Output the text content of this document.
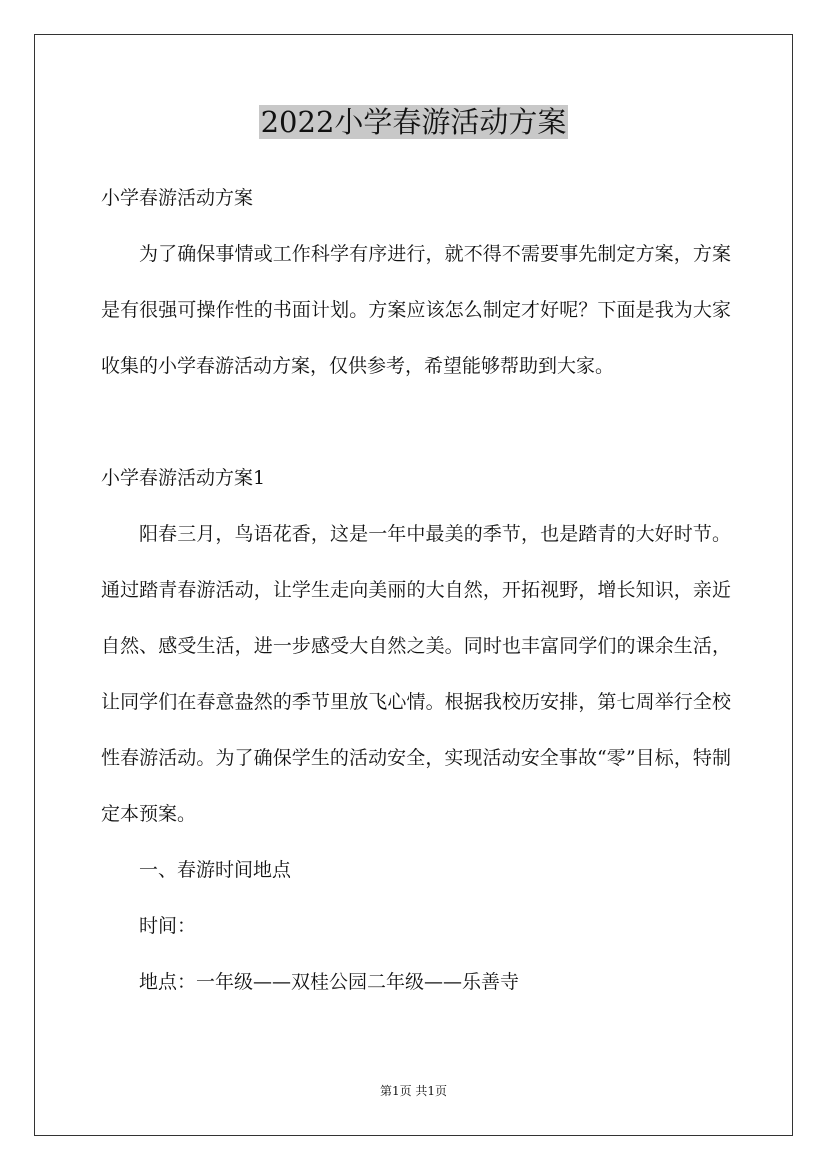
2022小学春游活动方案

小学春游活动方案

为了确保事情或工作科学有序进行，就不得不需要事先制定方案，方案是有很强可操作性的书面计划。方案应该怎么制定才好呢？下面是我为大家收集的小学春游活动方案，仅供参考，希望能够帮助到大家。

小学春游活动方案1

阳春三月，鸟语花香，这是一年中最美的季节，也是踏青的大好时节。通过踏青春游活动，让学生走向美丽的大自然，开拓视野，增长知识，亲近自然、感受生活，进一步感受大自然之美。同时也丰富同学们的课余生活，让同学们在春意盎然的季节里放飞心情。根据我校历安排，第七周举行全校性春游活动。为了确保学生的活动安全，实现活动安全事故“零”目标，特制定本预案。

一、春游时间地点

时间：

地点：一年级——双桂公园二年级——乐善寺

第1页 共1页
